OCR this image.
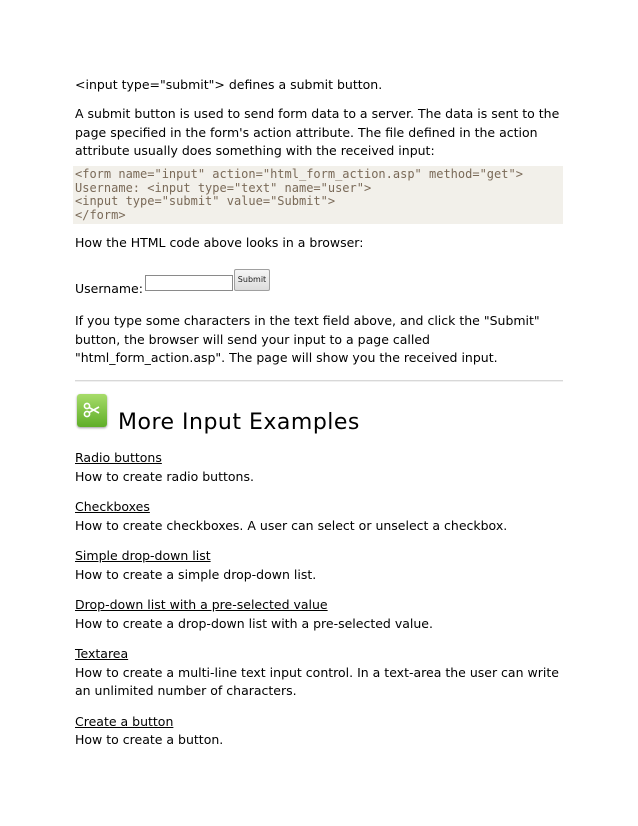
<input type="submit"> defines a submit button.

A submit button is used to send form data to a server. The data is sent to the page specified in the form's action attribute. The file defined in the action attribute usually does something with the received input:

<form name="input" action="html_form_action.asp" method="get">
Username: <input type="text" name="user">
<input type="submit" value="Submit">
</form>

How the HTML code above looks in a browser:

Username:
Submit

If you type some characters in the text field above, and click the "Submit" button, the browser will send your input to a page called "html_form_action.asp". The page will show you the received input.

More Input Examples
Radio buttons
How to create radio buttons.
Checkboxes
How to create checkboxes. A user can select or unselect a checkbox.
Simple drop-down list
How to create a simple drop-down list.
Drop-down list with a pre-selected value
How to create a drop-down list with a pre-selected value.
Textarea
How to create a multi-line text input control. In a text-area the user can write an unlimited number of characters.
Create a button
How to create a button.
